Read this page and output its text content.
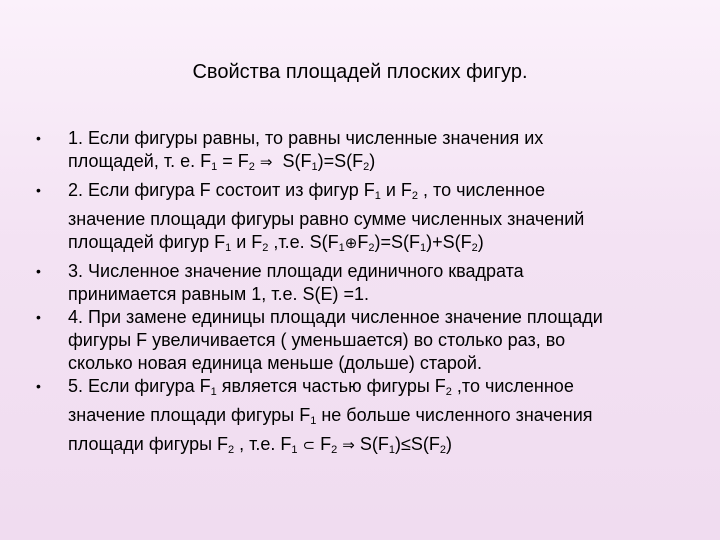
Свойства площадей плоских фигур.
• 1. Если фигуры равны, то равны численные значения их
площадей, т. е. $F_1 = F_2$ ⇒  $S(F_1)=S(F_2)$
• 2. Если фигура F состоит из фигур $F_1$ и $F_2$ , то численное
значение площади фигуры равно сумме численных значений
площадей фигур $F_1$ и $F_2$ ,т.е. $S(F_1\oplus F_2)=S(F_1)+S(F_2)$
• 3. Численное значение площади единичного квадрата
принимается равным 1, т.е. S(E) =1.
• 4. При замене единицы площади численное значение площади
фигуры F увеличивается ( уменьшается) во столько раз, во
сколько новая единица меньше (дольше) старой.
• 5. Если фигура $F_1$ является частью фигуры $F_2$ ,то численное
значение площади фигуры $F_1$ не больше численного значения
площади фигуры $F_2$ , т.е. $F_1$ ⊂ $F_2$ ⇒ $S(F_1)\le S(F_2)$
